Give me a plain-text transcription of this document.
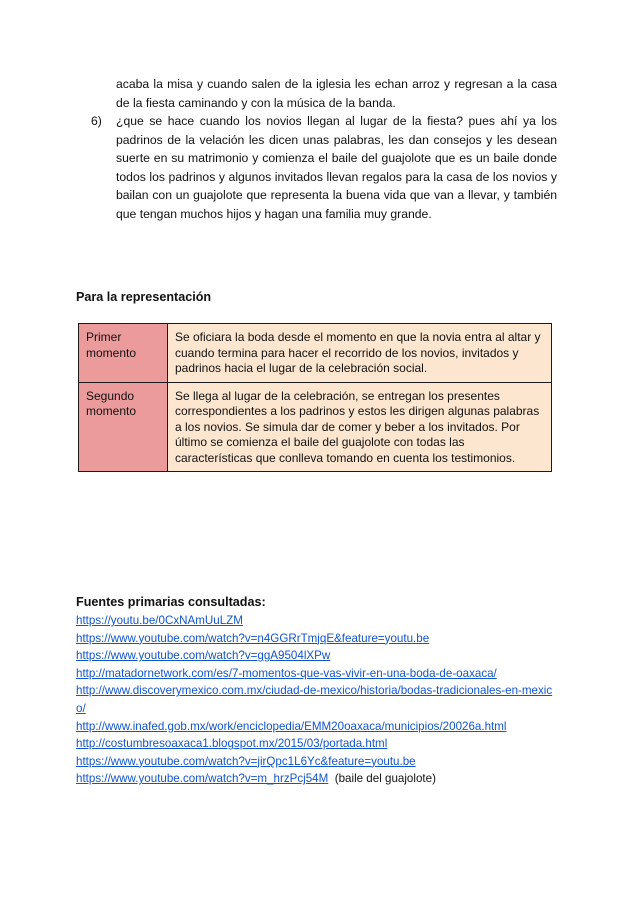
acaba la misa y cuando salen de la iglesia les echan arroz y regresan a la casa de la fiesta caminando y con la música de la banda.
6) ¿que se hace cuando los novios llegan al lugar de la fiesta? pues ahí ya los padrinos de la velación les dicen unas palabras, les dan consejos y les desean suerte en su matrimonio y comienza el baile del guajolote que es un baile donde todos los padrinos y algunos invitados llevan regalos para la casa de los novios y bailan con un guajolote que representa la buena vida que van a llevar, y también que tengan muchos hijos y hagan una familia muy grande.
Para la representación
Primer momento	Se oficiara la boda desde el momento en que la novia entra al altar y cuando termina para hacer el recorrido de los novios, invitados y padrinos hacia el lugar de la celebración social.
Segundo momento	Se llega al lugar de la celebración, se entregan los presentes correspondientes a los padrinos y estos les dirigen algunas palabras a los novios. Se simula dar de comer y beber a los invitados. Por último se comienza el baile del guajolote con todas las características que conlleva tomando en cuenta los testimonios.
Fuentes primarias consultadas:
https://youtu.be/0CxNAmUuLZM
https://www.youtube.com/watch?v=n4GGRrTmjqE&feature=youtu.be
https://www.youtube.com/watch?v=ggA9504lXPw
http://matadornetwork.com/es/7-momentos-que-vas-vivir-en-una-boda-de-oaxaca/
http://www.discoverymexico.com.mx/ciudad-de-mexico/historia/bodas-tradicionales-en-mexico/
http://www.inafed.gob.mx/work/enciclopedia/EMM20oaxaca/municipios/20026a.html
http://costumbresoaxaca1.blogspot.mx/2015/03/portada.html
https://www.youtube.com/watch?v=jirQpc1L6Yc&feature=youtu.be
https://www.youtube.com/watch?v=m_hrzPcj54M (baile del guajolote)
